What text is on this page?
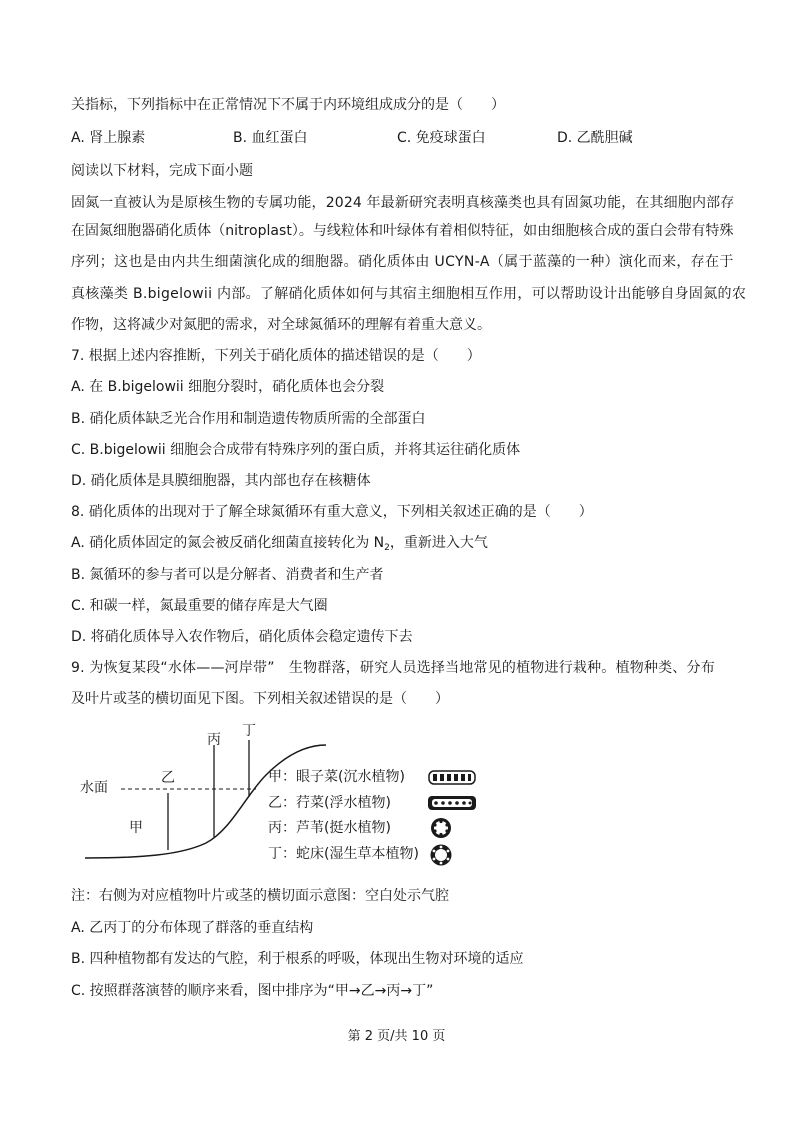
关指标，下列指标中在正常情况下不属于内环境组成成分的是（　　）
A. 肾上腺素	B. 血红蛋白	C. 免疫球蛋白	D. 乙酰胆碱
阅读以下材料，完成下面小题
固氮一直被认为是原核生物的专属功能，2024 年最新研究表明真核藻类也具有固氮功能，在其细胞内部存
在固氮细胞器硝化质体（nitroplast）。与线粒体和叶绿体有着相似特征，如由细胞核合成的蛋白会带有特殊
序列；这也是由内共生细菌演化成的细胞器。硝化质体由 UCYN-A（属于蓝藻的一种）演化而来，存在于
真核藻类 B.bigelowii 内部。了解硝化质体如何与其宿主细胞相互作用，可以帮助设计出能够自身固氮的农
作物，这将减少对氮肥的需求，对全球氮循环的理解有着重大意义。
7. 根据上述内容推断，下列关于硝化质体的描述错误的是（　　）
A. 在 B.bigelowii 细胞分裂时，硝化质体也会分裂
B. 硝化质体缺乏光合作用和制造遗传物质所需的全部蛋白
C. B.bigelowii 细胞会合成带有特殊序列的蛋白质，并将其运往硝化质体
D. 硝化质体是具膜细胞器，其内部也存在核糖体
8. 硝化质体的出现对于了解全球氮循环有重大意义，下列相关叙述正确的是（　　）
A. 硝化质体固定的氮会被反硝化细菌直接转化为 $N_2$，重新进入大气
B. 氮循环的参与者可以是分解者、消费者和生产者
C. 和碳一样，氮最重要的储存库是大气圈
D. 将硝化质体导入农作物后，硝化质体会稳定遗传下去
9. 为恢复某段“水体——河岸带”　生物群落，研究人员选择当地常见的植物进行栽种。植物种类、分布
及叶片或茎的横切面见下图。下列相关叙述错误的是（　　）
水面
甲
乙
丙
丁
甲：眼子菜(沉水植物)
乙：荇菜(浮水植物)
丙：芦苇(挺水植物)
丁：蛇床(湿生草本植物)
注：右侧为对应植物叶片或茎的横切面示意图：空白处示气腔
A. 乙丙丁的分布体现了群落的垂直结构
B. 四种植物都有发达的气腔，利于根系的呼吸，体现出生物对环境的适应
C. 按照群落演替的顺序来看，图中排序为“甲→乙→丙→丁”
第 2 页/共 10 页
